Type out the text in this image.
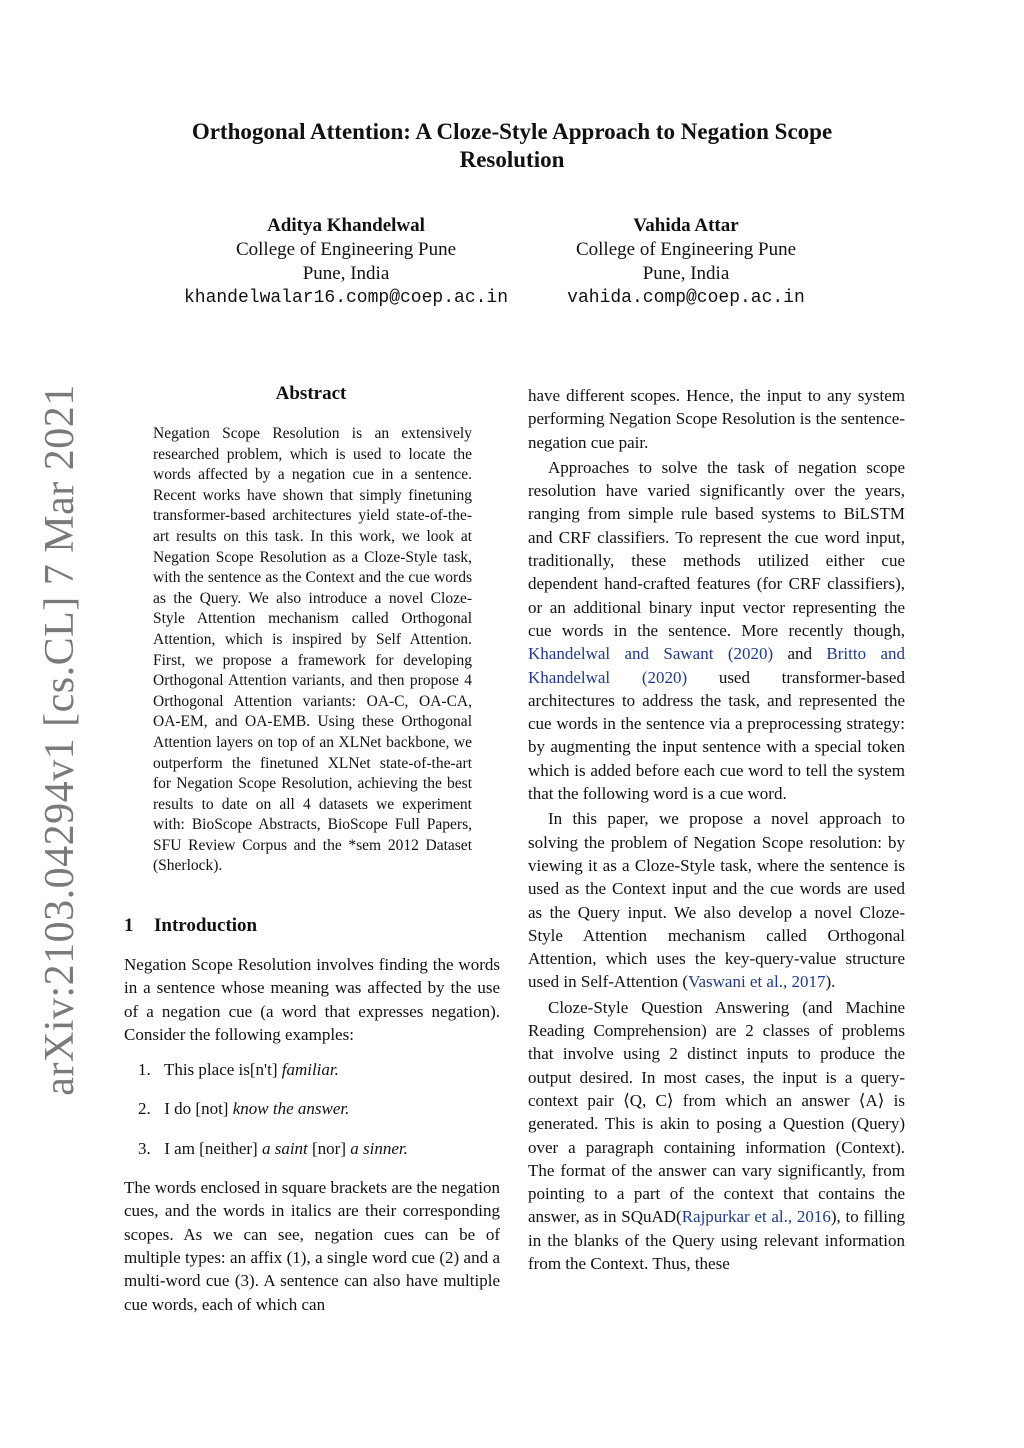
arXiv:2103.04294v1 [cs.CL] 7 Mar 2021
Orthogonal Attention: A Cloze-Style Approach to Negation Scope Resolution
Aditya Khandelwal
College of Engineering Pune
Pune, India
khandelwalar16.comp@coep.ac.in
Vahida Attar
College of Engineering Pune
Pune, India
vahida.comp@coep.ac.in
Abstract
Negation Scope Resolution is an extensively researched problem, which is used to locate the words affected by a negation cue in a sentence. Recent works have shown that simply finetuning transformer-based architectures yield state-of-the-art results on this task. In this work, we look at Negation Scope Resolution as a Cloze-Style task, with the sentence as the Context and the cue words as the Query. We also introduce a novel Cloze-Style Attention mechanism called Orthogonal Attention, which is inspired by Self Attention. First, we propose a framework for developing Orthogonal Attention variants, and then propose 4 Orthogonal Attention variants: OA-C, OA-CA, OA-EM, and OA-EMB. Using these Orthogonal Attention layers on top of an XLNet backbone, we outperform the finetuned XLNet state-of-the-art for Negation Scope Resolution, achieving the best results to date on all 4 datasets we experiment with: BioScope Abstracts, BioScope Full Papers, SFU Review Corpus and the *sem 2012 Dataset (Sherlock).
1 Introduction

Negation Scope Resolution involves finding the words in a sentence whose meaning was affected by the use of a negation cue (a word that expresses negation). Consider the following examples:

1. This place is[n't] familiar.
2. I do [not] know the answer.
3. I am [neither] a saint [nor] a sinner.

The words enclosed in square brackets are the negation cues, and the words in italics are their corresponding scopes. As we can see, negation cues can be of multiple types: an affix (1), a single word cue (2) and a multi-word cue (3). A sentence can also have multiple cue words, each of which can

have different scopes. Hence, the input to any system performing Negation Scope Resolution is the sentence-negation cue pair.

Approaches to solve the task of negation scope resolution have varied significantly over the years, ranging from simple rule based systems to BiLSTM and CRF classifiers. To represent the cue word input, traditionally, these methods utilized either cue dependent hand-crafted features (for CRF classifiers), or an additional binary input vector representing the cue words in the sentence. More recently though, Khandelwal and Sawant (2020) and Britto and Khandelwal (2020) used transformer-based architectures to address the task, and represented the cue words in the sentence via a preprocessing strategy: by augmenting the input sentence with a special token which is added before each cue word to tell the system that the following word is a cue word.

In this paper, we propose a novel approach to solving the problem of Negation Scope resolution: by viewing it as a Cloze-Style task, where the sentence is used as the Context input and the cue words are used as the Query input. We also develop a novel Cloze-Style Attention mechanism called Orthogonal Attention, which uses the key-query-value structure used in Self-Attention (Vaswani et al., 2017).

Cloze-Style Question Answering (and Machine Reading Comprehension) are 2 classes of problems that involve using 2 distinct inputs to produce the output desired. In most cases, the input is a query-context pair ⟨Q, C⟩ from which an answer ⟨A⟩ is generated. This is akin to posing a Question (Query) over a paragraph containing information (Context). The format of the answer can vary significantly, from pointing to a part of the context that contains the answer, as in SQuAD(Rajpurkar et al., 2016), to filling in the blanks of the Query using relevant information from the Context. Thus, these
